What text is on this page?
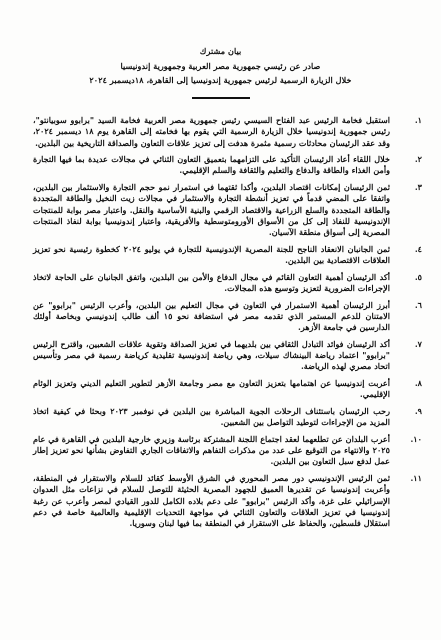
بيان مشترك
صادر عن رئيسي جمهورية مصر العربية وجمهورية إندونيسيا
خلال الزيارة الرسمية لرئيس جمهورية إندونيسيا إلى القاهرة، ١٨ديسمبر ٢٠٢٤
١.
استقبل فخامة الرئيس عبد الفتاح السيسي رئيس جمهورية مصر العربية فخامة السيد "برابوو سوبيانتو"، رئيس جمهورية إندونيسيا خلال الزيارة الرسمية التي يقوم بها فخامته إلى القاهرة يوم ١٨ ديسمبر ٢٠٢٤، وقد عقد الرئيسان محادثات رسمية مثمرة هدفت إلى تعزيز علاقات التعاون والصداقة التاريخية بين البلدين.
٢.
خلال اللقاء أعاد الرئيسان التأكيد على التزامهما بتعميق التعاون الثنائي في مجالات عديدة بما فيها التجارة وأمن الغذاء والطاقة والدفاع والتعليم والثقافة والسلم الإقليمي.
٣.
ثمن الرئيسان إمكانات اقتصاد البلدين، وأكدا ثقتهما في استمرار نمو حجم التجارة والاستثمار بين البلدين، واتفقا على المضي قدماً في تعزيز أنشطة التجارة والاستثمار في مجالات زيت النخيل والطاقة المتجددة والطاقة المتجددة والسلع الزراعية والاقتصاد الرقمي والبنية الأساسية والنقل. واعتبار مصر بوابة للمنتجات الإندونيسية للنفاذ إلى كل من الأسواق الأورومتوسطية والأفريقية، واعتبار إندونيسيا بوابة لنفاذ المنتجات المصرية إلى أسواق منطقة الآسيان.
٤.
ثمن الجانبان الانعقاد الناجح للجنة المصرية الإندونيسية للتجارة في يوليو ٢٠٢٤ كخطوة رئيسية نحو تعزيز العلاقات الاقتصادية بين البلدين.
٥.
أكد الرئيسان أهمية التعاون القائم في مجال الدفاع والأمن بين البلدين، واتفق الجانبان على الحاجة لاتخاذ الإجراءات الضرورية لتعزيز وتوسيع هذه المجالات.
٦.
أبرز الرئيسان أهمية الاستمرار في التعاون في مجال التعليم بين البلدين، وأعرب الرئيس "برابوو" عن الامتنان للدعم المستمر الذي تقدمه مصر في استضافة نحو ١٥ ألف طالب إندونيسي وبخاصة أولئك الدارسين في جامعة الأزهر.
٧.
أكد الرئيسان فوائد التبادل الثقافي بين بلديهما في تعزيز الصداقة وتقوية علاقات الشعبين، واقترح الرئيس "برابوو" اعتماد رياضة البينشاك سيلات، وهي رياضة إندونيسية تقليدية كرياضة رسمية في مصر وتأسيس اتحاد مصري لهذه الرياضة.
٨.
أعربت إندونيسيا عن اهتمامها بتعزيز التعاون مع مصر وجامعة الأزهر لتطوير التعليم الديني وتعزيز الوئام الإقليمي.
٩.
رحب الرئيسان باستئناف الرحلات الجوية المباشرة بين البلدين في نوفمبر ٢٠٢٣ وبحثا في كيفية اتخاذ المزيد من الإجراءات لتوطيد التواصل بين الشعبين.
١٠.
أعرب البلدان عن تطلعهما لعقد اجتماع اللجنة المشتركة برئاسة وزيري خارجية البلدين في القاهرة في عام ٢٠٢٥ والانتهاء من التوقيع على عدد من مذكرات التفاهم والاتفاقات الجاري التفاوض بشأنها نحو تعزيز إطار عمل لدفع سبل التعاون بين البلدين.
١١.
ثمن الرئيس الإندونيسي دور مصر المحوري في الشرق الأوسط كقائد للسلام والاستقرار في المنطقة، وأعربت إندونيسيا عن تقديرها العميق للجهود المصرية الحثيثة للتوصل للسلام في نزاعات مثل العدوان الإسرائيلي على غزة، وأكد الرئيس "برابوو" على دعم بلاده الكامل للدور القيادي لمصر وأعرب عن رغبة إندونيسيا في تعزيز العلاقات والتعاون الثنائي في مواجهة التحديات الإقليمية والعالمية خاصة في دعم استقلال فلسطين، والحفاظ على الاستقرار في المنطقة بما فيها لبنان وسوريا.
